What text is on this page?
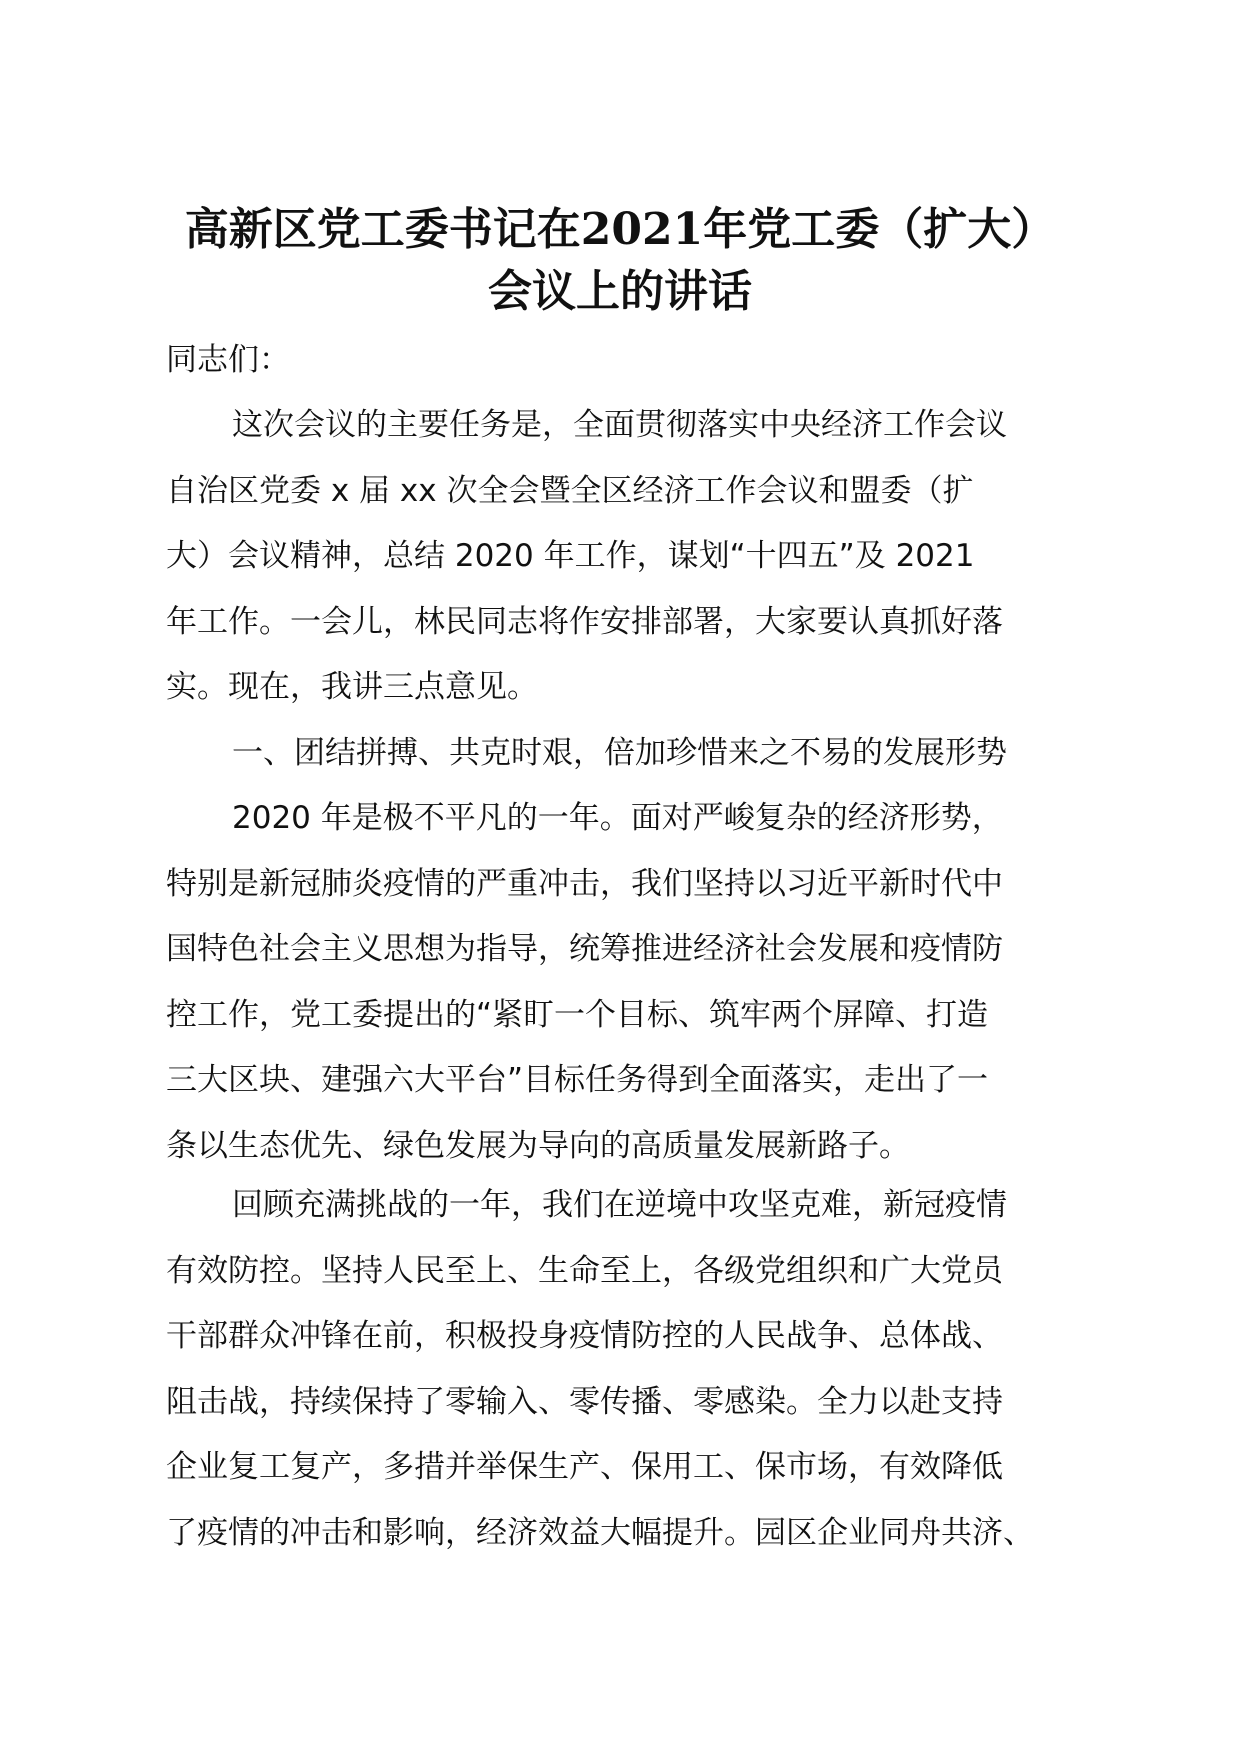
高新区党工委书记在2021年党工委（扩大）
会议上的讲话
同志们：
这次会议的主要任务是，全面贯彻落实中央经济工作会议
自治区党委 x 届 xx 次全会暨全区经济工作会议和盟委（扩
大）会议精神，总结 2020 年工作，谋划“十四五”及 2021
年工作。一会儿，林民同志将作安排部署，大家要认真抓好落
实。现在，我讲三点意见。
一、团结拼搏、共克时艰，倍加珍惜来之不易的发展形势
2020 年是极不平凡的一年。面对严峻复杂的经济形势，
特别是新冠肺炎疫情的严重冲击，我们坚持以习近平新时代中
国特色社会主义思想为指导，统筹推进经济社会发展和疫情防
控工作，党工委提出的“紧盯一个目标、筑牢两个屏障、打造
三大区块、建强六大平台”目标任务得到全面落实，走出了一
条以生态优先、绿色发展为导向的高质量发展新路子。
回顾充满挑战的一年，我们在逆境中攻坚克难，新冠疫情
有效防控。坚持人民至上、生命至上，各级党组织和广大党员
干部群众冲锋在前，积极投身疫情防控的人民战争、总体战、
阻击战，持续保持了零输入、零传播、零感染。全力以赴支持
企业复工复产，多措并举保生产、保用工、保市场，有效降低
了疫情的冲击和影响，经济效益大幅提升。园区企业同舟共济、
